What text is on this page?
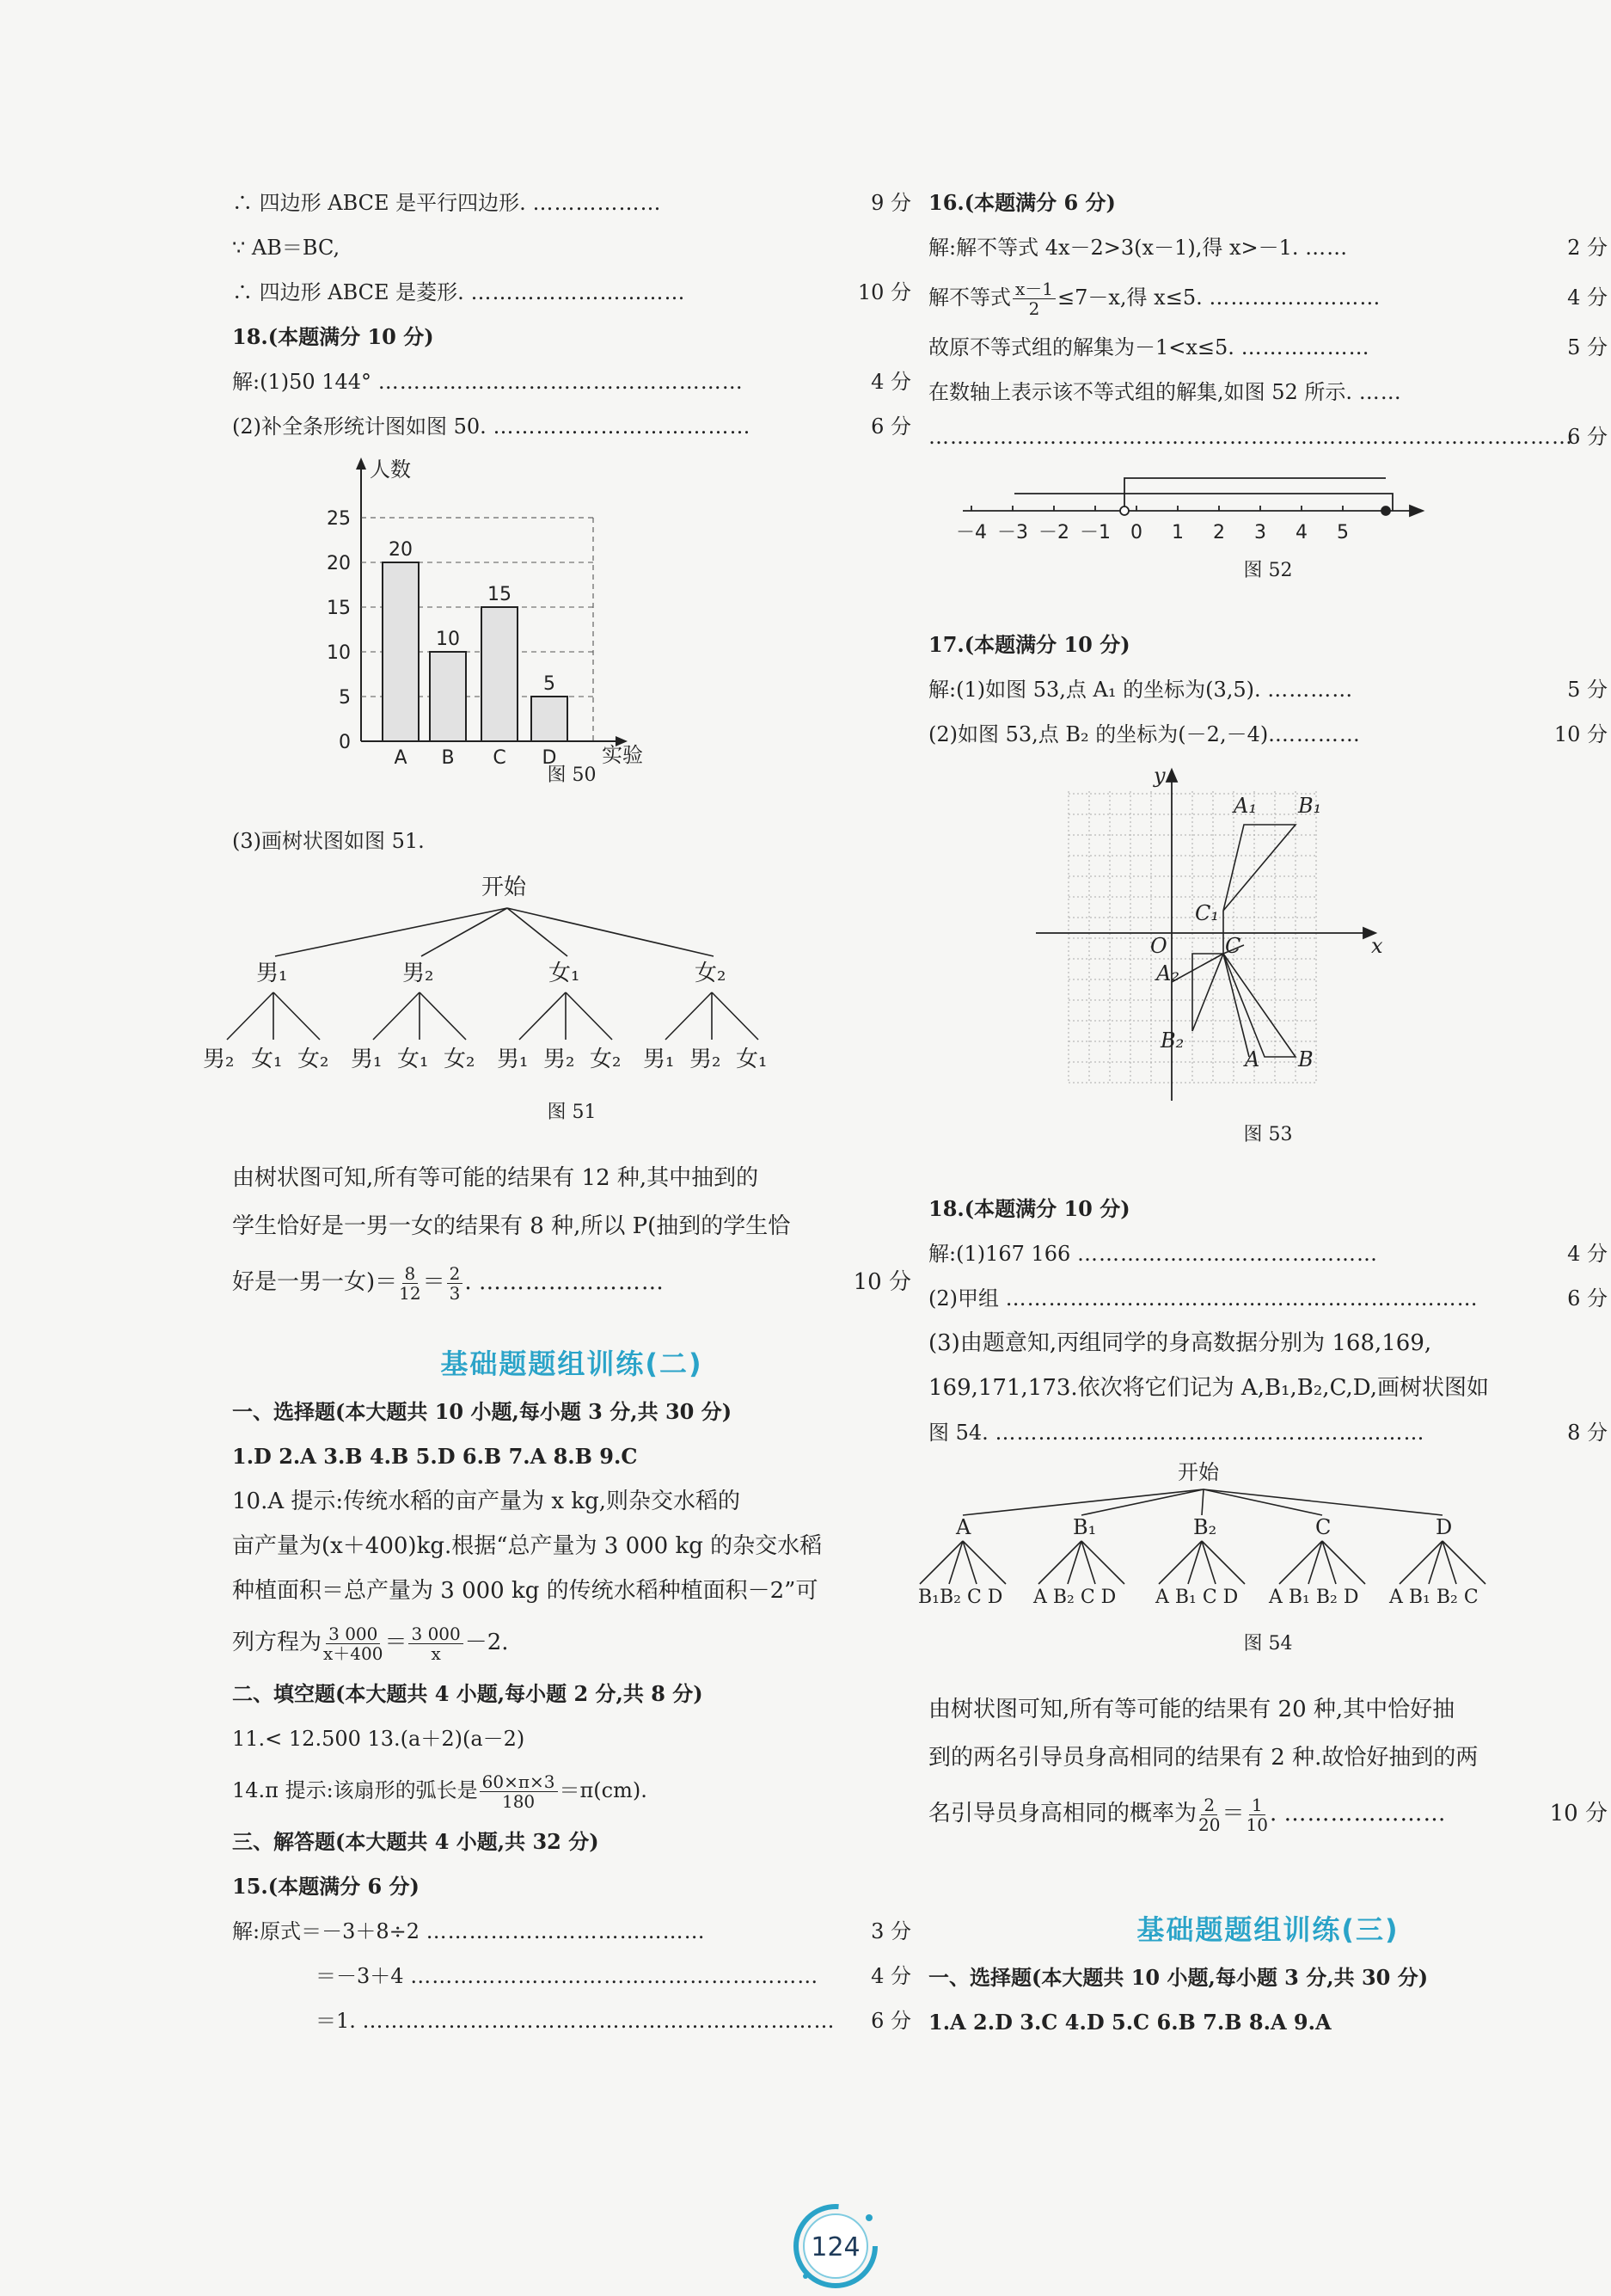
∴ 四边形 ABCE 是平行四边形. ………………	9 分
∵ AB＝BC,
∴ 四边形 ABCE 是菱形. …………………………	10 分
18.(本题满分 10 分)
解:(1)50 144° ……………………………………………	4 分
(2)补全条形统计图如图 50. ………………………………	6 分
人数
实验
0
5
10
15
20
25
20
A
10
B
15
C
5
D
图 50
(3)画树状图如图 51.
开始
男₁	男₂	女₁	女₂
男₂ 女₁ 女₂ 男₁ 女₁ 女₂ 男₁ 男₂ 女₂ 男₁ 男₂ 女₁
图 51
由树状图可知,所有等可能的结果有 12 种,其中抽到的
学生恰好是一男一女的结果有 8 种,所以 P(抽到的学生恰
好是一男一女)＝ $\frac{8}{12} = \frac{2}{3}$ . ……………………	10 分
基础题题组训练(二)
一、选择题(本大题共 10 小题,每小题 3 分,共 30 分)
1.D 2.A 3.B 4.B 5.D 6.B 7.A 8.B 9.C
10.A 提示:传统水稻的亩产量为 x kg,则杂交水稻的
亩产量为(x＋400)kg.根据“总产量为 3 000 kg 的杂交水稻
种植面积＝总产量为 3 000 kg 的传统水稻种植面积－2”可
列方程为 $\frac{3 000}{x+400} = \frac{3 000}{x} -2$.
二、填空题(本大题共 4 小题,每小题 2 分,共 8 分)
11.< 12.500 13.(a＋2)(a－2)
14.π 提示:该扇形的弧长是 $\frac{60\times\pi\times 3}{180} =\pi(cm)$.
三、解答题(本大题共 4 小题,共 32 分)
15.(本题满分 6 分)
解:原式＝－3＋8÷2 …………………………………	3 分
＝－3＋4 …………………………………………………	4 分
＝1. ………………………………………………………… 6 分
16.(本题满分 6 分)
解:解不等式 4x－2>3(x－1),得 x>－1. ……	2 分
解不等式 $\frac{x-1}{2} \le 7-x$,得 x≤5. ……………………	4 分
故原不等式组的解集为－1<x≤5. ………………	5 分
在数轴上表示该不等式组的解集,如图 52 所示. ……
………………………………………………………………………………
6 分
－4 －3 －2 －1 0 1 2 3 4 5
图 52
17.(本题满分 10 分)
解:(1)如图 53,点 A₁ 的坐标为(3,5). …………	5 分
(2)如图 53,点 B₂ 的坐标为(－2,－4).…………	10 分
A₁ B₁
C₁
O	C
A₂
B₂
A B
x
y
图 53
18.(本题满分 10 分)
解:(1)167 166 ……………………………………	4 分
(2)甲组 …………………………………………………………	6 分
(3)由题意知,丙组同学的身高数据分别为 168,169,
169,171,173.依次将它们记为 A,B₁,B₂,C,D,画树状图如
图 54. ……………………………………………………	8 分
开始
A	B₁	B₂	C	D
B₁B₂ C D A B₂ C D A B₁ C D A B₁ B₂ D A B₁ B₂ C
图 54
由树状图可知,所有等可能的结果有 20 种,其中恰好抽
到的两名引导员身高相同的结果有 2 种.故恰好抽到的两
名引导员身高相同的概率为 $\frac{2}{20} = \frac{1}{10}$ . …………………	10 分
基础题题组训练(三)
一、选择题(本大题共 10 小题,每小题 3 分,共 30 分)
1.A 2.D 3.C 4.D 5.C 6.B 7.B 8.A 9.A
124
